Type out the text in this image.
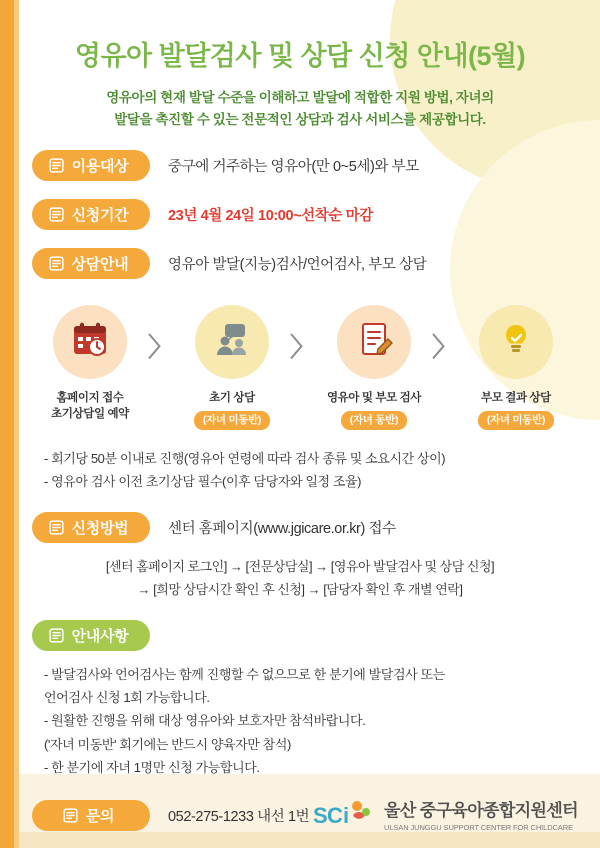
영유아 발달검사 및 상담 신청 안내(5월)
영유아의 현재 발달 수준을 이해하고 발달에 적합한 지원 방법, 자녀의
발달을 촉진할 수 있는 전문적인 상담과 검사 서비스를 제공합니다.
이용대상	중구에 거주하는 영유아(만 0~5세)와 부모
신청기간	23년 4월 24일 10:00~선착순 마감
상담안내	영유아 발달(지능)검사/언어검사, 부모 상담
홈페이지 접수
초기상담일 예약
〉
초기 상담
(자녀 미동반)
〉
영유아 및 부모 검사
(자녀 동반)
〉
부모 결과 상담
(자녀 미동반)
- 회기당 50분 이내로 진행(영유아 연령에 따라 검사 종류 및 소요시간 상이)
- 영유아 검사 이전 초기상담 필수(이후 담당자와 일정 조율)
신청방법	센터 홈페이지(www.jgicare.or.kr) 접수
[센터 홈페이지 로그인] → [전문상담실] → [영유아 발달검사 및 상담 신청]
→ [희망 상담시간 확인 후 신청] → [담당자 확인 후 개별 연락]
안내사항
- 발달검사와 언어검사는 함께 진행할 수 없으므로 한 분기에 발달검사 또는
언어검사 신청 1회 가능합니다.
- 원활한 진행을 위해 대상 영유아와 보호자만 참석바랍니다.
('자녀 미동반' 회기에는 반드시 양육자만 참석)
- 한 분기에 자녀 1명만 신청 가능합니다.
문의	052-275-1233 내선 1번 S C i 울산 중구육아종합지원센터
ULSAN JUNGGU SUPPORT CENTER FOR CHILDCARE
